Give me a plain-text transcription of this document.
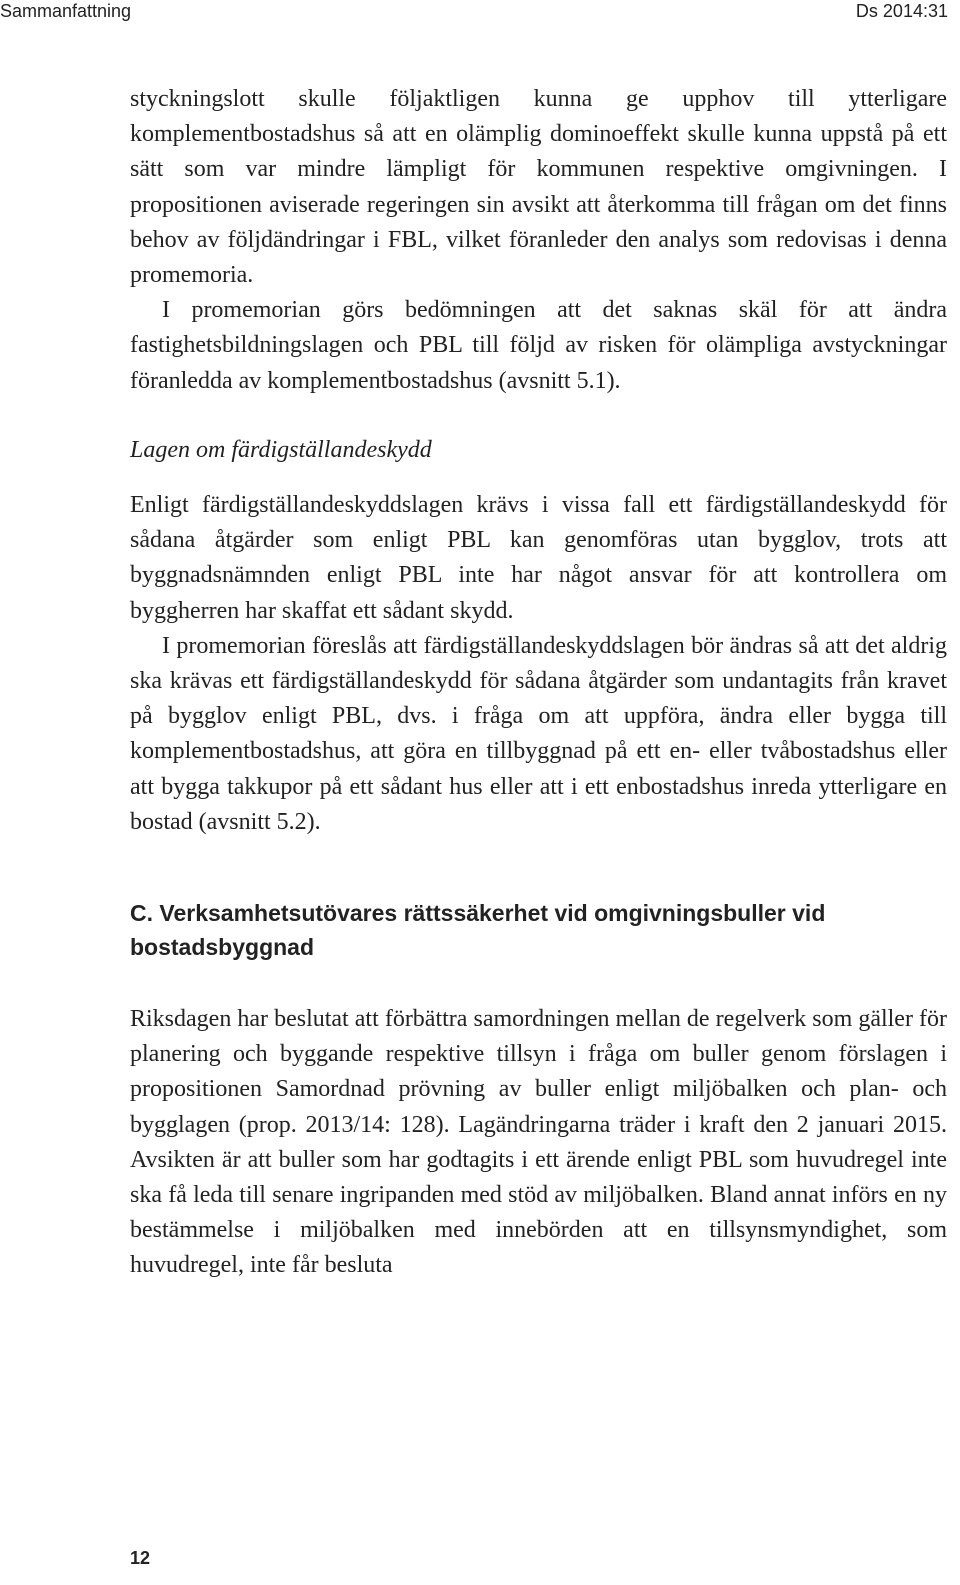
Sammanfattning	Ds 2014:31

styckningslott skulle följaktligen kunna ge upphov till ytterligare komplementbostadshus så att en olämplig dominoeffekt skulle kunna uppstå på ett sätt som var mindre lämpligt för kommunen respektive omgivningen. I propositionen aviserade regeringen sin avsikt att återkomma till frågan om det finns behov av följdändringar i FBL, vilket föranleder den analys som redovisas i denna promemoria.

I promemorian görs bedömningen att det saknas skäl för att ändra fastighetsbildningslagen och PBL till följd av risken för olämpliga avstyckningar föranledda av komplementbostadshus (avsnitt 5.1).

Lagen om färdigställandeskydd

Enligt färdigställandeskyddslagen krävs i vissa fall ett färdigställandeskydd för sådana åtgärder som enligt PBL kan genomföras utan bygglov, trots att byggnadsnämnden enligt PBL inte har något ansvar för att kontrollera om byggherren har skaffat ett sådant skydd.

I promemorian föreslås att färdigställandeskyddslagen bör ändras så att det aldrig ska krävas ett färdigställandeskydd för sådana åtgärder som undantagits från kravet på bygglov enligt PBL, dvs. i fråga om att uppföra, ändra eller bygga till komplementbostadshus, att göra en tillbyggnad på ett en- eller tvåbostadshus eller att bygga takkupor på ett sådant hus eller att i ett enbostadshus inreda ytterligare en bostad (avsnitt 5.2).

C. Verksamhetsutövares rättssäkerhet vid omgivningsbuller vid bostadsbyggnad

Riksdagen har beslutat att förbättra samordningen mellan de regelverk som gäller för planering och byggande respektive tillsyn i fråga om buller genom förslagen i propositionen Samordnad prövning av buller enligt miljöbalken och plan- och bygglagen (prop. 2013/14: 128). Lagändringarna träder i kraft den 2 januari 2015. Avsikten är att buller som har godtagits i ett ärende enligt PBL som huvudregel inte ska få leda till senare ingripanden med stöd av miljöbalken. Bland annat införs en ny bestämmelse i miljöbalken med innebörden att en tillsynsmyndighet, som huvudregel, inte får besluta

12
